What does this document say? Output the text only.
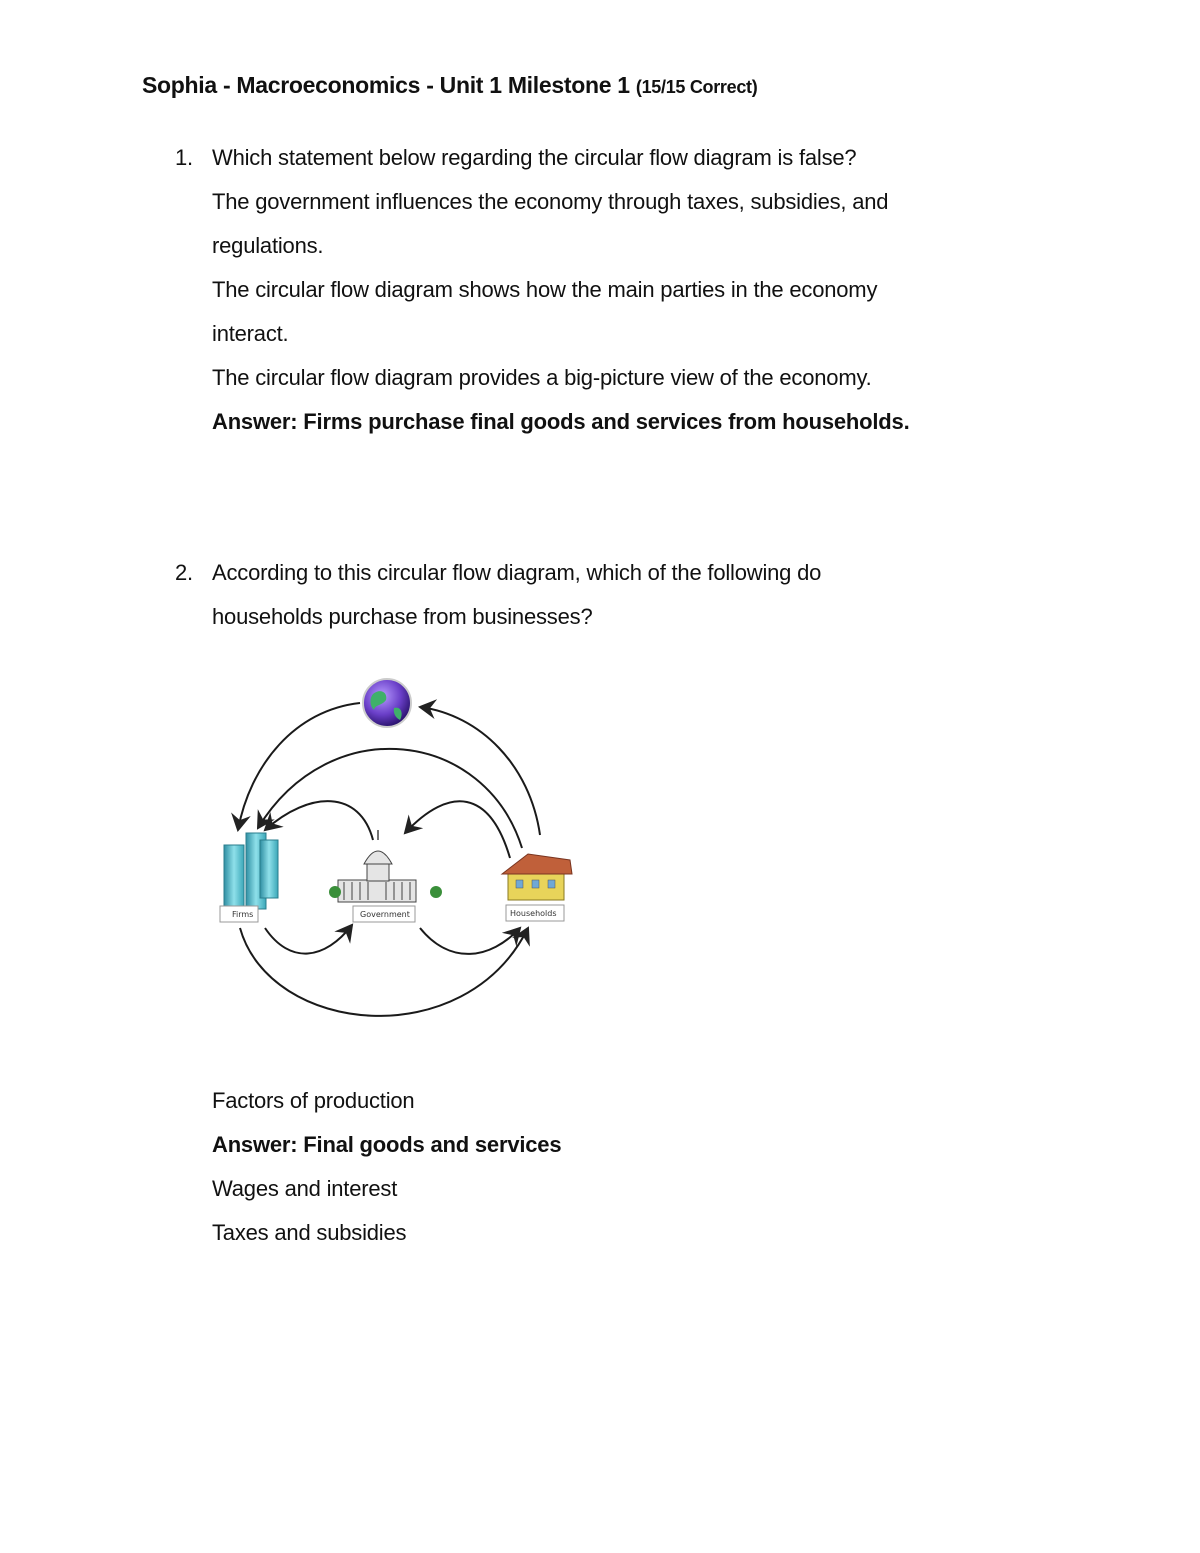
Sophia - Macroeconomics - Unit 1 Milestone 1 (15/15 Correct)
1. Which statement below regarding the circular flow diagram is false?
The government influences the economy through taxes, subsidies, and
regulations.
The circular flow diagram shows how the main parties in the economy
interact.
The circular flow diagram provides a big-picture view of the economy.
Answer: Firms purchase final goods and services from households.
2. According to this circular flow diagram, which of the following do
households purchase from businesses?
Firms	Government	Households
Factors of production
Answer: Final goods and services
Wages and interest
Taxes and subsidies
